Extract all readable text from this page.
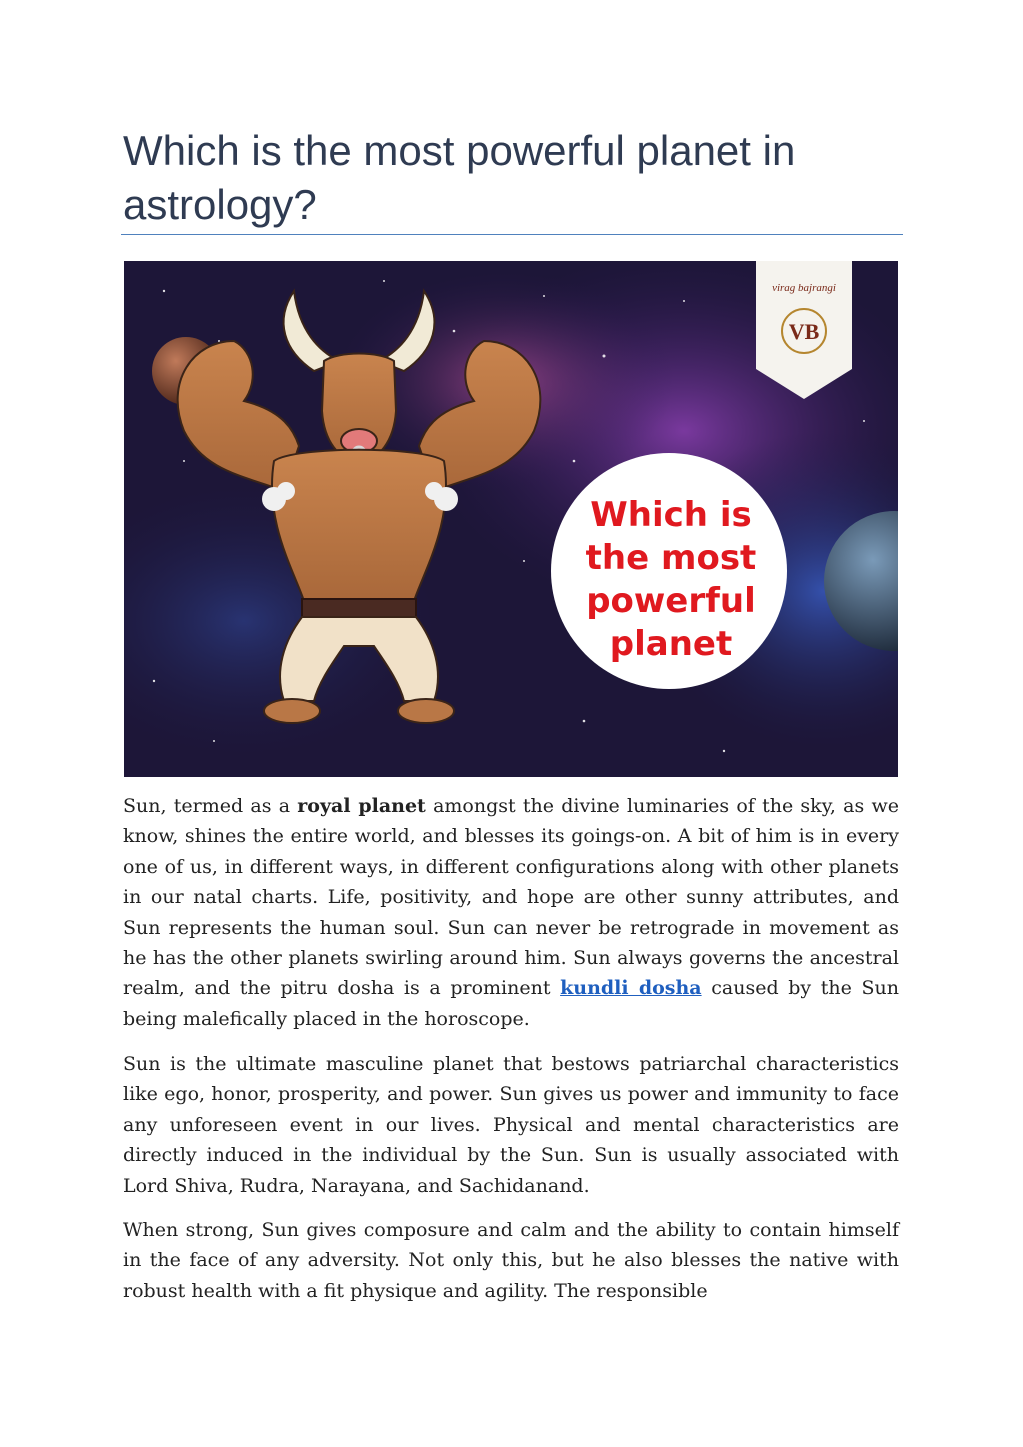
Which is the most powerful planet in astrology?
virag bajrangi
VB
Which is
the most
powerful
planet

Sun, termed as a royal planet amongst the divine luminaries of the sky, as we know, shines the entire world, and blesses its goings-on. A bit of him is in every one of us, in different ways, in different configurations along with other planets in our natal charts. Life, positivity, and hope are other sunny attributes, and Sun represents the human soul. Sun can never be retrograde in movement as he has the other planets swirling around him. Sun always governs the ancestral realm, and the pitru dosha is a prominent kundli dosha caused by the Sun being malefically placed in the horoscope.

Sun is the ultimate masculine planet that bestows patriarchal characteristics like ego, honor, prosperity, and power. Sun gives us power and immunity to face any unforeseen event in our lives. Physical and mental characteristics are directly induced in the individual by the Sun. Sun is usually associated with Lord Shiva, Rudra, Narayana, and Sachidanand.

When strong, Sun gives composure and calm and the ability to contain himself in the face of any adversity. Not only this, but he also blesses the native with robust health with a fit physique and agility. The responsible
